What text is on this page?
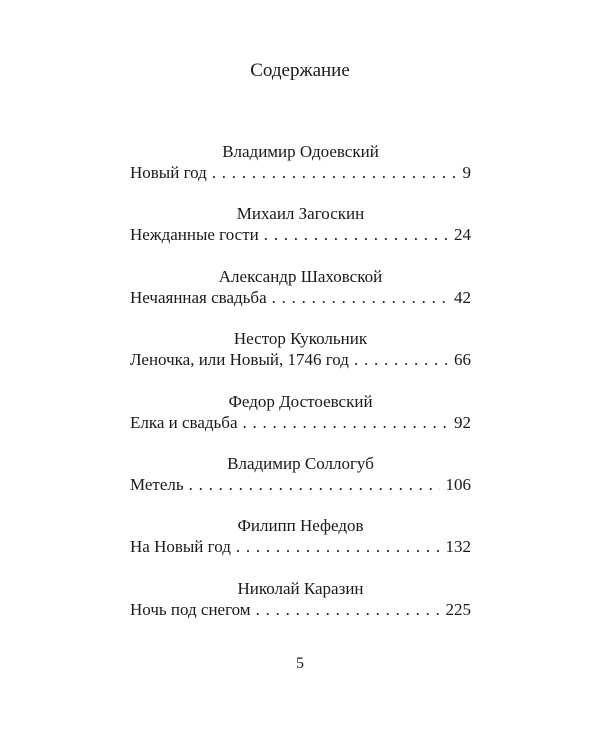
Содержание
Владимир Одоевский
Новый год . . .	9
Михаил Загоскин
Нежданные гости . . .	24
Александр Шаховской
Нечаянная свадьба . . .	42
Нестор Кукольник
Леночка, или Новый, 1746 год . . .	66
Федор Достоевский
Елка и свадьба . . .	92
Владимир Соллогуб
Метель . . .	106
Филипп Нефедов
На Новый год . . .	132
Николай Каразин
Ночь под снегом . . .	225
5
